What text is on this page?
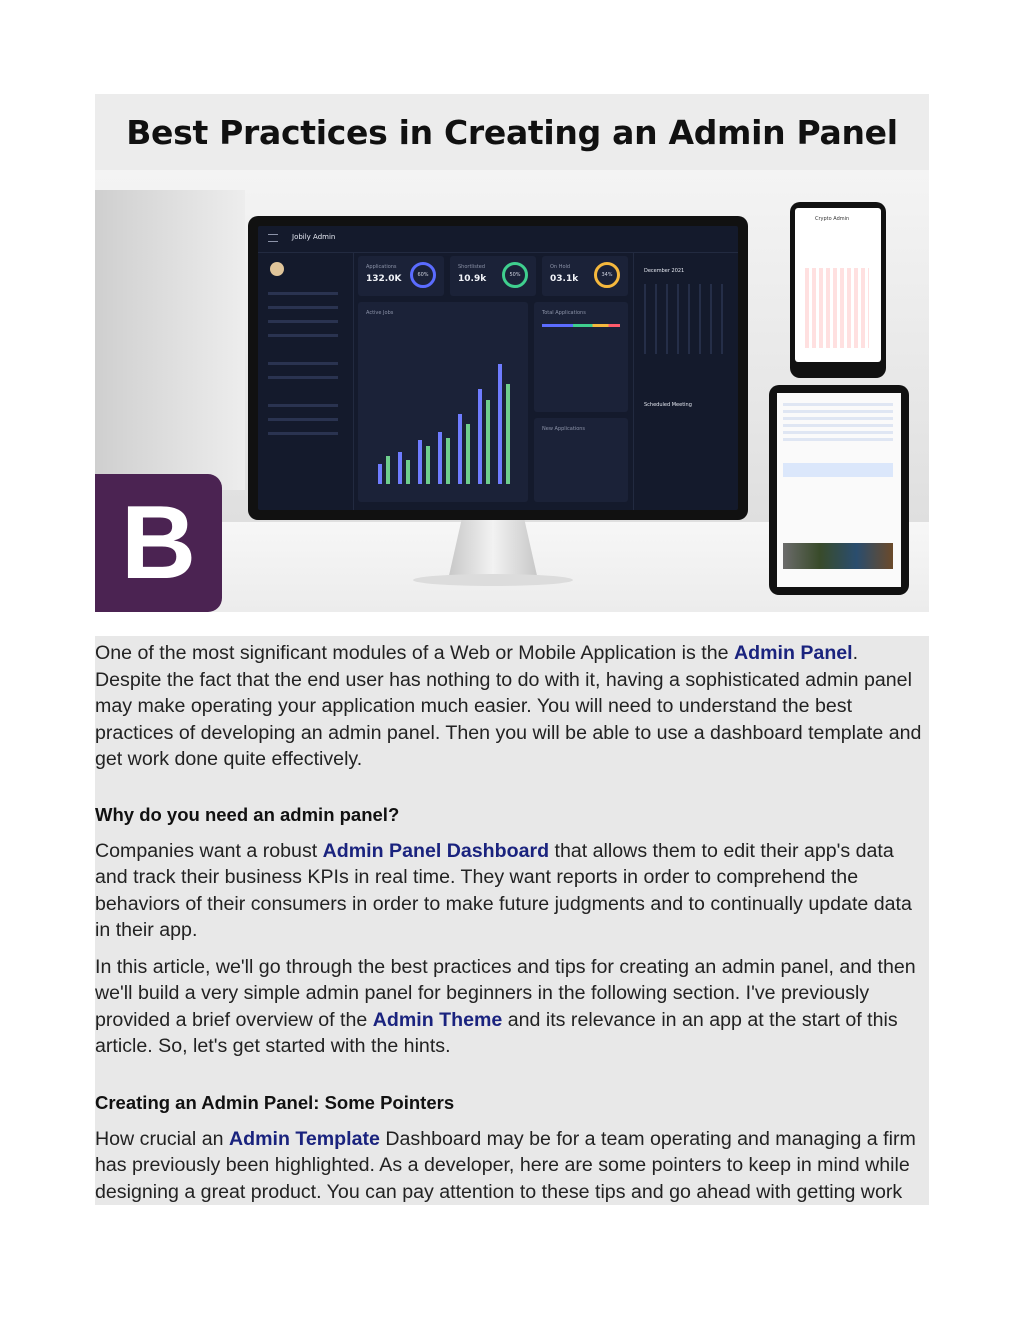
Best Practices in Creating an Admin Panel
B
Jobily Admin
Applications
132.0K	60%
Shortlisted
10.9k	50%
On Hold
03.1k	34%
Active Jobs	Total Applications
New Applications
December 2021
Scheduled Meeting
Crypto Admin

One of the most significant modules of a Web or Mobile Application is the Admin Panel. Despite the fact that the end user has nothing to do with it, having a sophisticated admin panel may make operating your application much easier. You will need to understand the best practices of developing an admin panel. Then you will be able to use a dashboard template and get work done quite effectively.

Why do you need an admin panel?

Companies want a robust Admin Panel Dashboard that allows them to edit their app's data and track their business KPIs in real time. They want reports in order to comprehend the behaviors of their consumers in order to make future judgments and to continually update data in their app.

In this article, we'll go through the best practices and tips for creating an admin panel, and then we'll build a very simple admin panel for beginners in the following section. I've previously provided a brief overview of the Admin Theme and its relevance in an app at the start of this article. So, let's get started with the hints.

Creating an Admin Panel: Some Pointers

How crucial an Admin Template Dashboard may be for a team operating and managing a firm has previously been highlighted. As a developer, here are some pointers to keep in mind while designing a great product. You can pay attention to these tips and go ahead with getting work
